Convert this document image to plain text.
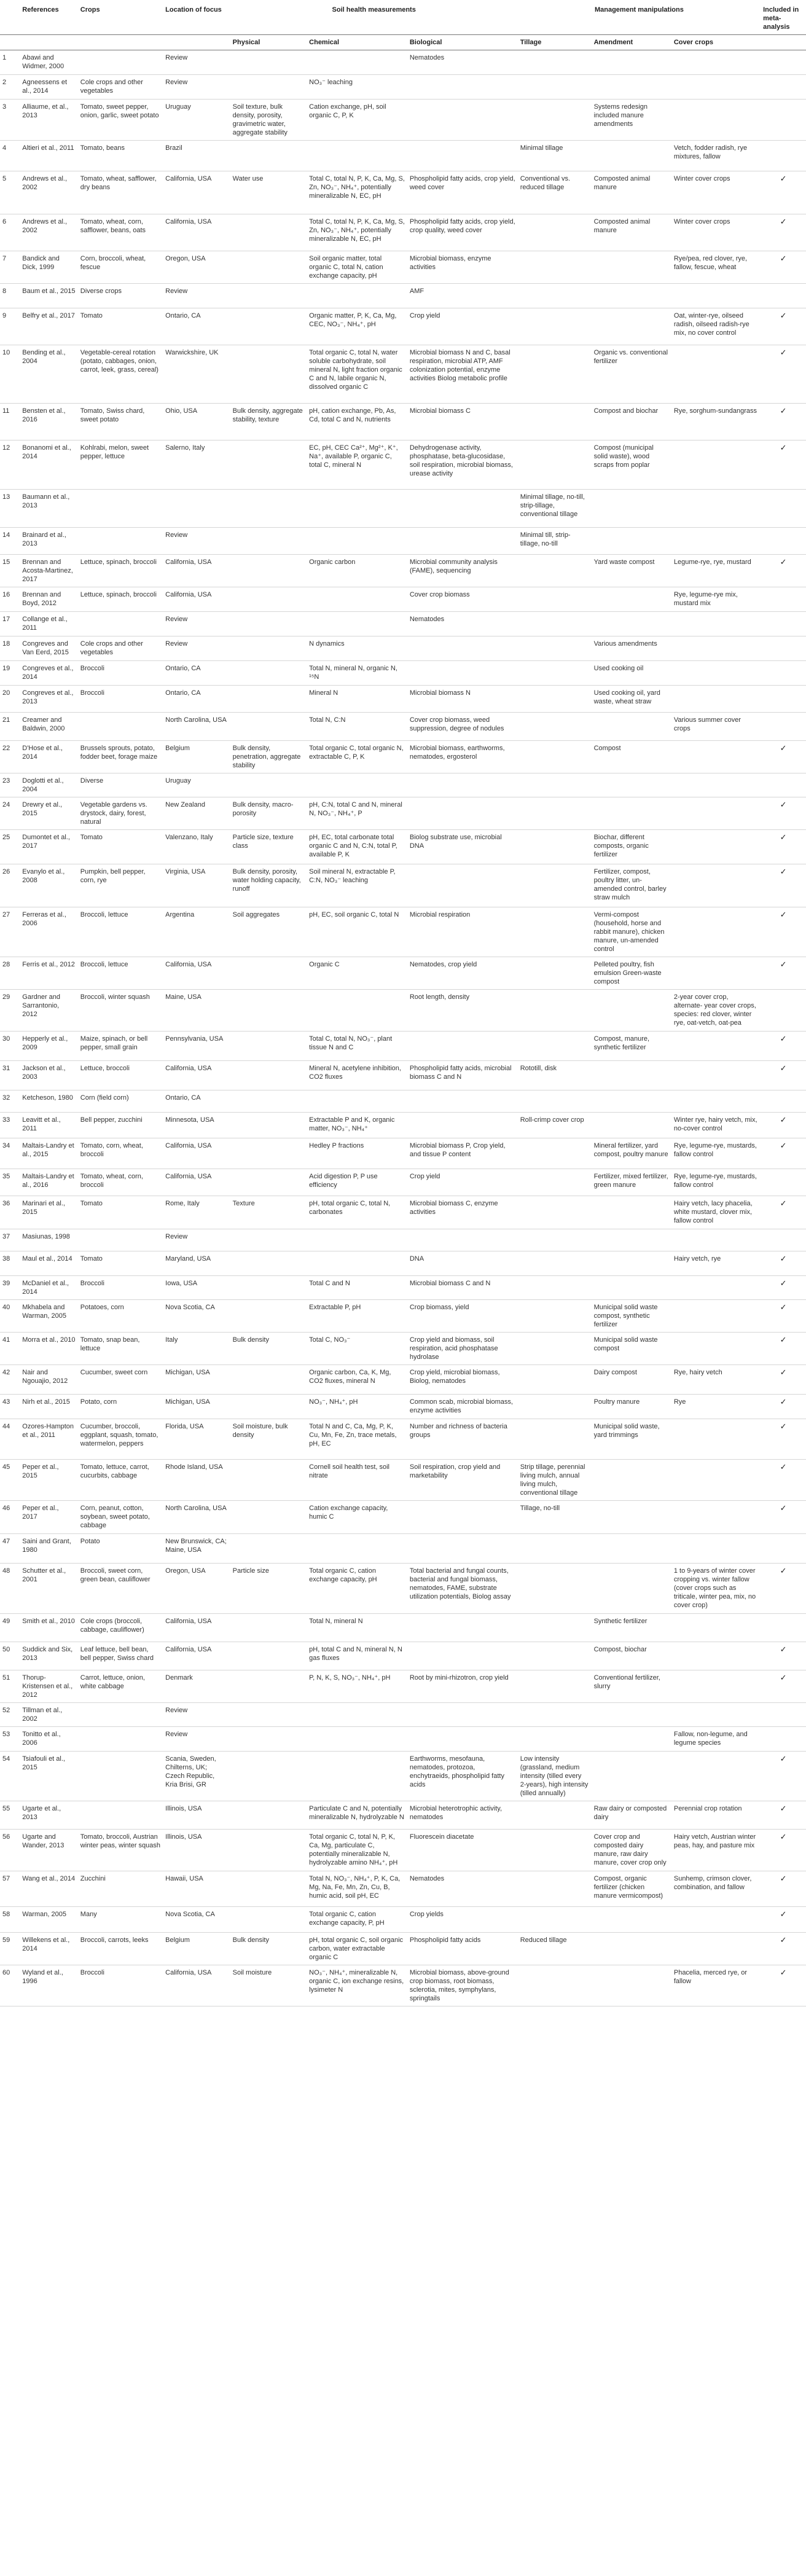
	References	Crops	Location of focus	Soil health measurements			Management manipulations			Included in meta-analysis
				Physical	Chemical	Biological	Tillage	Amendment	Cover crops	
1	Abawi and Widmer, 2000		Review			Nematodes				
2	Agneessens et al., 2014	Cole crops and other vegetables	Review		NO₃⁻ leaching					
3	Alliaume, et al., 2013	Tomato, sweet pepper, onion, garlic, sweet potato	Uruguay	Soil texture, bulk density, porosity, gravimetric water, aggregate stability	Cation exchange, pH, soil organic C, P, K			Systems redesign included manure amendments		
4	Altieri et al., 2011	Tomato, beans	Brazil				Minimal tillage		Vetch, fodder radish, rye mixtures, fallow	
5	Andrews et al., 2002	Tomato, wheat, safflower, dry beans	California, USA	Water use	Total C, total N, P, K, Ca, Mg, S, Zn, NO₃⁻, NH₄⁺, potentially mineralizable N, EC, pH	Phospholipid fatty acids, crop yield, weed cover	Conventional vs. reduced tillage	Composted animal manure	Winter cover crops	✓
6	Andrews et al., 2002	Tomato, wheat, corn, safflower, beans, oats	California, USA		Total C, total N, P, K, Ca, Mg, S, Zn, NO₃⁻, NH₄⁺, potentially mineralizable N, EC, pH	Phospholipid fatty acids, crop yield, crop quality, weed cover		Composted animal manure	Winter cover crops	✓
7	Bandick and Dick, 1999	Corn, broccoli, wheat, fescue	Oregon, USA		Soil organic matter, total organic C, total N, cation exchange capacity, pH	Microbial biomass, enzyme activities			Rye/pea, red clover, rye, fallow, fescue, wheat	✓
8	Baum et al., 2015	Diverse crops	Review			AMF				
9	Belfry et al., 2017	Tomato	Ontario, CA		Organic matter, P, K, Ca, Mg, CEC, NO₃⁻, NH₄⁺, pH	Crop yield			Oat, winter-rye, oilseed radish, oilseed radish-rye mix, no cover control	✓
10	Bending et al., 2004	Vegetable-cereal rotation (potato, cabbages, onion, carrot, leek, grass, cereal)	Warwickshire, UK		Total organic C, total N, water soluble carbohydrate, soil mineral N, light fraction organic C and N, labile organic N, dissolved organic C	Microbial biomass N and C, basal respiration, microbial ATP, AMF colonization potential, enzyme activities Biolog metabolic profile		Organic vs. conventional fertilizer		✓
11	Bensten et al., 2016	Tomato, Swiss chard, sweet potato	Ohio, USA	Bulk density, aggregate stability, texture	pH, cation exchange, Pb, As, Cd, total C and N, nutrients	Microbial biomass C		Compost and biochar	Rye, sorghum-sundangrass	✓
12	Bonanomi et al., 2014	Kohlrabi, melon, sweet pepper, lettuce	Salerno, Italy		EC, pH, CEC Ca²⁺, Mg²⁺, K⁺, Na⁺, available P, organic C, total C, mineral N	Dehydrogenase activity, phosphatase, beta-glucosidase, soil respiration, microbial biomass, urease activity		Compost (municipal solid waste), wood scraps from poplar		✓
13	Baumann et al., 2013						Minimal tillage, no-till, strip-tillage, conventional tillage			
14	Brainard et al., 2013		Review				Minimal till, strip-tillage, no-till			
15	Brennan and Acosta-Martinez, 2017	Lettuce, spinach, broccoli	California, USA		Organic carbon	Microbial community analysis (FAME), sequencing		Yard waste compost	Legume-rye, rye, mustard	✓
16	Brennan and Boyd, 2012	Lettuce, spinach, broccoli	California, USA			Cover crop biomass			Rye, legume-rye mix, mustard mix	
17	Collange et al., 2011		Review			Nematodes				
18	Congreves and Van Eerd, 2015	Cole crops and other vegetables	Review		N dynamics			Various amendments		
19	Congreves et al., 2014	Broccoli	Ontario, CA		Total N, mineral N, organic N, ¹⁵N			Used cooking oil		
20	Congreves et al., 2013	Broccoli	Ontario, CA		Mineral N	Microbial biomass N		Used cooking oil, yard waste, wheat straw		
21	Creamer and Baldwin, 2000		North Carolina, USA		Total N, C:N	Cover crop biomass, weed suppression, degree of nodules			Various summer cover crops	
22	D'Hose et al., 2014	Brussels sprouts, potato, fodder beet, forage maize	Belgium	Bulk density, penetration, aggregate stability	Total organic C, total organic N, extractable C, P, K	Microbial biomass, earthworms, nematodes, ergosterol		Compost		✓
23	Doglotti et al., 2004	Diverse	Uruguay							
24	Drewry et al., 2015	Vegetable gardens vs. drystock, dairy, forest, natural	New Zealand	Bulk density, macro-porosity	pH, C:N, total C and N, mineral N, NO₃⁻, NH₄⁺, P					✓
25	Dumontet et al., 2017	Tomato	Valenzano, Italy	Particle size, texture class	pH, EC, total carbonate total organic C and N, C:N, total P, available P, K	Biolog substrate use, microbial DNA		Biochar, different composts, organic fertilizer		✓
26	Evanylo et al., 2008	Pumpkin, bell pepper, corn, rye	Virginia, USA	Bulk density, porosity, water holding capacity, runoff	Soil mineral N, extractable P, C:N, NO₃⁻ leaching			Fertilizer, compost, poultry litter, un-amended control, barley straw mulch		✓
27	Ferreras et al., 2006	Broccoli, lettuce	Argentina	Soil aggregates	pH, EC, soil organic C, total N	Microbial respiration		Vermi-compost (household, horse and rabbit manure), chicken manure, un-amended control		✓
28	Ferris et al., 2012	Broccoli, lettuce	California, USA		Organic C	Nematodes, crop yield		Pelleted poultry, fish emulsion Green-waste compost		✓
29	Gardner and Sarrantonio, 2012	Broccoli, winter squash	Maine, USA			Root length, density			2-year cover crop, alternate- year cover crops, species: red clover, winter rye, oat-vetch, oat-pea	
30	Hepperly et al., 2009	Maize, spinach, or bell pepper, small grain	Pennsylvania, USA		Total C, total N, NO₃⁻, plant tissue N and C			Compost, manure, synthetic fertilizer		✓
31	Jackson et al., 2003	Lettuce, broccoli	California, USA		Mineral N, acetylene inhibition, CO2 fluxes	Phospholipid fatty acids, microbial biomass C and N	Rototill, disk			✓
32	Ketcheson, 1980	Corn (field corn)	Ontario, CA							
33	Leavitt et al., 2011	Bell pepper, zucchini	Minnesota, USA		Extractable P and K, organic matter, NO₃⁻, NH₄⁺		Roll-crimp cover crop		Winter rye, hairy vetch, mix, no-cover control	✓
34	Maltais-Landry et al., 2015	Tomato, corn, wheat, broccoli	California, USA		Hedley P fractions	Microbial biomass P, Crop yield, and tissue P content		Mineral fertilizer, yard compost, poultry manure	Rye, legume-rye, mustards, fallow control	✓
35	Maltais-Landry et al., 2016	Tomato, wheat, corn, broccoli	California, USA		Acid digestion P, P use efficiency	Crop yield		Fertilizer, mixed fertilizer, green manure	Rye, legume-rye, mustards, fallow control	
36	Marinari et al., 2015	Tomato	Rome, Italy	Texture	pH, total organic C, total N, carbonates	Microbial biomass C, enzyme activities			Hairy vetch, lacy phacelia, white mustard, clover mix, fallow control	✓
37	Masiunas, 1998		Review							
38	Maul et al., 2014	Tomato	Maryland, USA			DNA			Hairy vetch, rye	✓
39	McDaniel et al., 2014	Broccoli	Iowa, USA		Total C and N	Microbial biomass C and N				✓
40	Mkhabela and Warman, 2005	Potatoes, corn	Nova Scotia, CA		Extractable P, pH	Crop biomass, yield		Municipal solid waste compost, synthetic fertilizer		✓
41	Morra et al., 2010	Tomato, snap bean, lettuce	Italy	Bulk density	Total C, NO₃⁻	Crop yield and biomass, soil respiration, acid phosphatase hydrolase		Municipal solid waste compost		✓
42	Nair and Ngouajio, 2012	Cucumber, sweet corn	Michigan, USA		Organic carbon, Ca, K, Mg, CO2 fluxes, mineral N	Crop yield, microbial biomass, Biolog, nematodes		Dairy compost	Rye, hairy vetch	✓
43	Nirh et al., 2015	Potato, corn	Michigan, USA		NO₃⁻, NH₄⁺, pH	Common scab, microbial biomass, enzyme activities		Poultry manure	Rye	✓
44	Ozores-Hampton et al., 2011	Cucumber, broccoli, eggplant, squash, tomato, watermelon, peppers	Florida, USA	Soil moisture, bulk density	Total N and C, Ca, Mg, P, K, Cu, Mn, Fe, Zn, trace metals, pH, EC	Number and richness of bacteria groups		Municipal solid waste, yard trimmings		✓
45	Peper et al., 2015	Tomato, lettuce, carrot, cucurbits, cabbage	Rhode Island, USA		Cornell soil health test, soil nitrate	Soil respiration, crop yield and marketability	Strip tillage, perennial living mulch, annual living mulch, conventional tillage			✓
46	Peper et al., 2017	Corn, peanut, cotton, soybean, sweet potato, cabbage	North Carolina, USA		Cation exchange capacity, humic C		Tillage, no-till			✓
47	Saini and Grant, 1980	Potato	New Brunswick, CA; Maine, USA							
48	Schutter et al., 2001	Broccoli, sweet corn, green bean, cauliflower	Oregon, USA	Particle size	Total organic C, cation exchange capacity, pH	Total bacterial and fungal counts, bacterial and fungal biomass, nematodes, FAME, substrate utilization potentials, Biolog assay			1 to 9-years of winter cover cropping vs. winter fallow (cover crops such as triticale, winter pea, mix, no cover crop)	✓
49	Smith et al., 2010	Cole crops (broccoli, cabbage, cauliflower)	California, USA		Total N, mineral N			Synthetic fertilizer		
50	Suddick and Six, 2013	Leaf lettuce, bell bean, bell pepper, Swiss chard	California, USA		pH, total C and N, mineral N, N gas fluxes			Compost, biochar		✓
51	Thorup-Kristensen et al., 2012	Carrot, lettuce, onion, white cabbage	Denmark		P, N, K, S, NO₃⁻, NH₄⁺, pH	Root by mini-rhizotron, crop yield		Conventional fertilizer, slurry		✓
52	Tillman et al., 2002		Review							
53	Tonitto et al., 2006		Review						Fallow, non-legume, and legume species	
54	Tsiafouli et al., 2015		Scania, Sweden, Chilterns, UK; Czech Republic, Kria Brisi, GR			Earthworms, mesofauna, nematodes, protozoa, enchytraeids, phospholipid fatty acids	Low intensity (grassland, medium intensity (tilled every 2-years), high intensity (tilled annually)			✓
55	Ugarte et al., 2013		Illinois, USA		Particulate C and N, potentially mineralizable N, hydrolyzable N	Microbial heterotrophic activity, nematodes		Raw dairy or composted dairy	Perennial crop rotation	✓
56	Ugarte and Wander, 2013	Tomato, broccoli, Austrian winter peas, winter squash	Illinois, USA		Total organic C, total N, P, K, Ca, Mg, particulate C, potentially mineralizable N, hydrolyzable amino NH₄⁺, pH	Fluorescein diacetate		Cover crop and composted dairy manure, raw dairy manure, cover crop only	Hairy vetch, Austrian winter peas, hay, and pasture mix	✓
57	Wang et al., 2014	Zucchini	Hawaii, USA		Total N, NO₃⁻, NH₄⁺, P, K, Ca, Mg, Na, Fe, Mn, Zn, Cu, B, humic acid, soil pH, EC	Nematodes		Compost, organic fertilizer (chicken manure vermicompost)	Sunhemp, crimson clover, combination, and fallow	✓
58	Warman, 2005	Many	Nova Scotia, CA		Total organic C, cation exchange capacity, P, pH	Crop yields				✓
59	Willekens et al., 2014	Broccoli, carrots, leeks	Belgium	Bulk density	pH, total organic C, soil organic carbon, water extractable organic C	Phospholipid fatty acids	Reduced tillage			✓
60	Wyland et al., 1996	Broccoli	California, USA	Soil moisture	NO₃⁻, NH₄⁺, mineralizable N, organic C, ion exchange resins, lysimeter N	Microbial biomass, above-ground crop biomass, root biomass, sclerotia, mites, symphylans, springtails			Phacelia, merced rye, or fallow	✓
